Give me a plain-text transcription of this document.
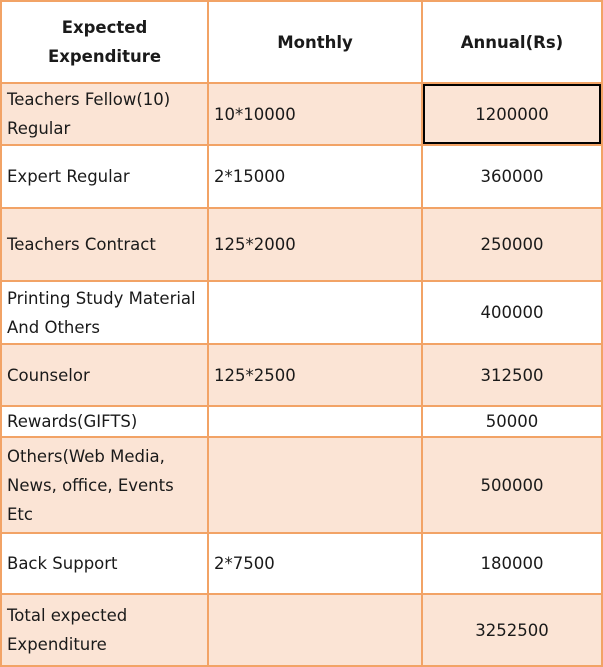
Expected Expenditure	Monthly	Annual(Rs)
Teachers Fellow(10) Regular	10*10000	1200000
Expert Regular	2*15000	360000
Teachers Contract	125*2000	250000
Printing Study Material And Others		400000
Counselor	125*2500	312500
Rewards(GIFTS)		50000
Others(Web Media, News, office, Events Etc		500000
Back Support	2*7500	180000
Total expected Expenditure		3252500
